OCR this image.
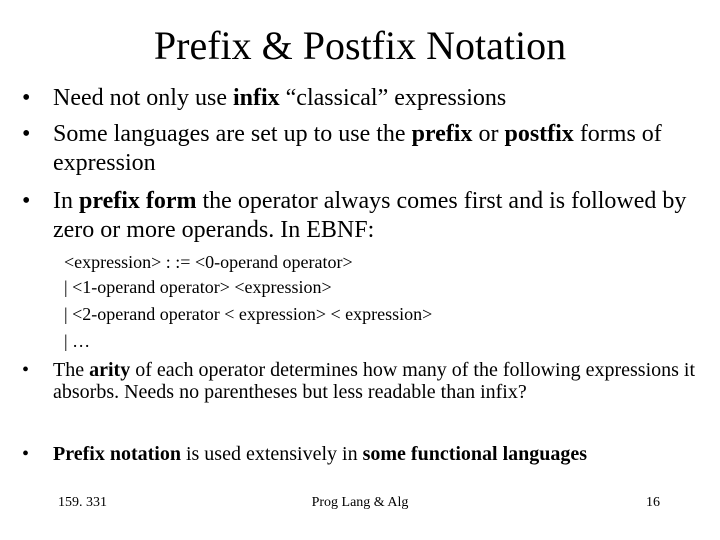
Prefix & Postfix Notation
• Need not only use infix “classical” expressions
• Some languages are set up to use the prefix or postfix forms of expression
• In prefix form the operator always comes first and is followed by zero or more operands. In EBNF:
<expression> : := <0-operand operator>
| <1-operand operator> <expression>
| <2-operand operator < expression> < expression>
| …
• The arity of each operator determines how many of the following expressions it absorbs. Needs no parentheses but less readable than infix?
• Prefix notation is used extensively in some functional languages
159. 331	Prog Lang & Alg	16
